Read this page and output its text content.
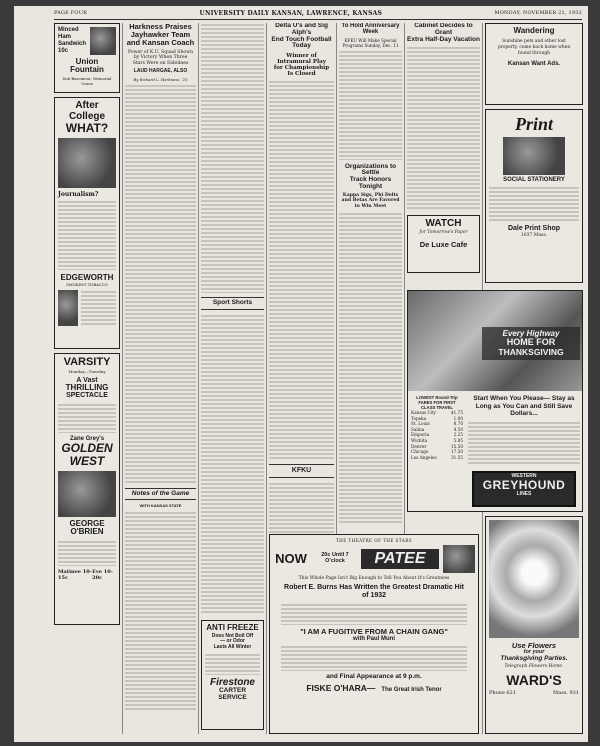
PAGE FOUR	UNIVERSITY DAILY KANSAN, LAWRENCE, KANSAS	MONDAY, NOVEMBER 21, 1932
Minced
Ham
Sandwich
10c
Union Fountain
Sub-Basement, Memorial Union
After College
WHAT?
Journalism?
EDGEWORTH
SMOKING TOBACCO
VARSITY
Monday—Tuesday
A Vast
THRILLING
SPECTACLE
Zane Grey's
GOLDEN WEST
GEORGE
O'BRIEN
Matinee 10-15c
Eve 10-20c
Harkness Praises
Jayhawker Team
and Kansan Coach
Power of K.U. Squad Shown by Victory When Three Stars Were on Sidelines
LAUD HARGAE, ALSO
By Richard L. Harkness, '25
Notes of the Game
WITH KANSAS STATE
Sport Shorts
ANTI FREEZE
Does Not Boil Off
— or Odor
Lasts All Winter
Firestone
CARTER SERVICE
Delta U's and Sig Alph's
End Touch Football Today
Winner of Intramural Play
for Championship
Is Closed
KFKU
To Hold Anniversary Week
KFKU Will Make Special Programs Sunday, Dec. 11
Organizations to Settle
Track Honors Tonight
Kappa Sigs, Phi Delts and Betas Are Favored to Win Meet
Cabinet Decides to Grant
Extra Half-Day Vacation
WATCH
for Tomorrow's Paper
De Luxe Cafe
Wandering
Sunshine pets and other lost property, come back home when found through
Kansan Want Ads.
Print
SOCIAL STATIONERY
Dale Print Shop
1037 Mass.
Every Highway
HOME FOR
THANKSGIVING
LOWEST Round-Trip FARES FOR FIRST CLASS TRAVEL
Kansas City	$1.75
Topeka	1.00
St. Louis	8.70
Salina	4.50
Emporia	2.25
Wichita	5.85
Denver	15.50
Chicago	17.50
Los Angeles	31.55
Start When You Please— Stay as Long as You Can and Still Save Dollars...
WESTERN
GREYHOUND
LINES
THE THEATRE OF THE STARS
NOW	20c Until 7 O'clock	PATEE
This Whole Page Isn't Big Enough to Tell You About It's Greatness
Robert E. Burns Has Written the Greatest Dramatic Hit of 1932
"I AM A FUGITIVE FROM A CHAIN GANG"
with Paul Muni
and Final Appearance at 9 p.m.
FISKE O'HARA— The Great Irish Tenor
Use Flowers
for your
Thanksgiving Parties.
Telegraph Flowers Home.
WARD'S
Phone 621	Mass. 931
